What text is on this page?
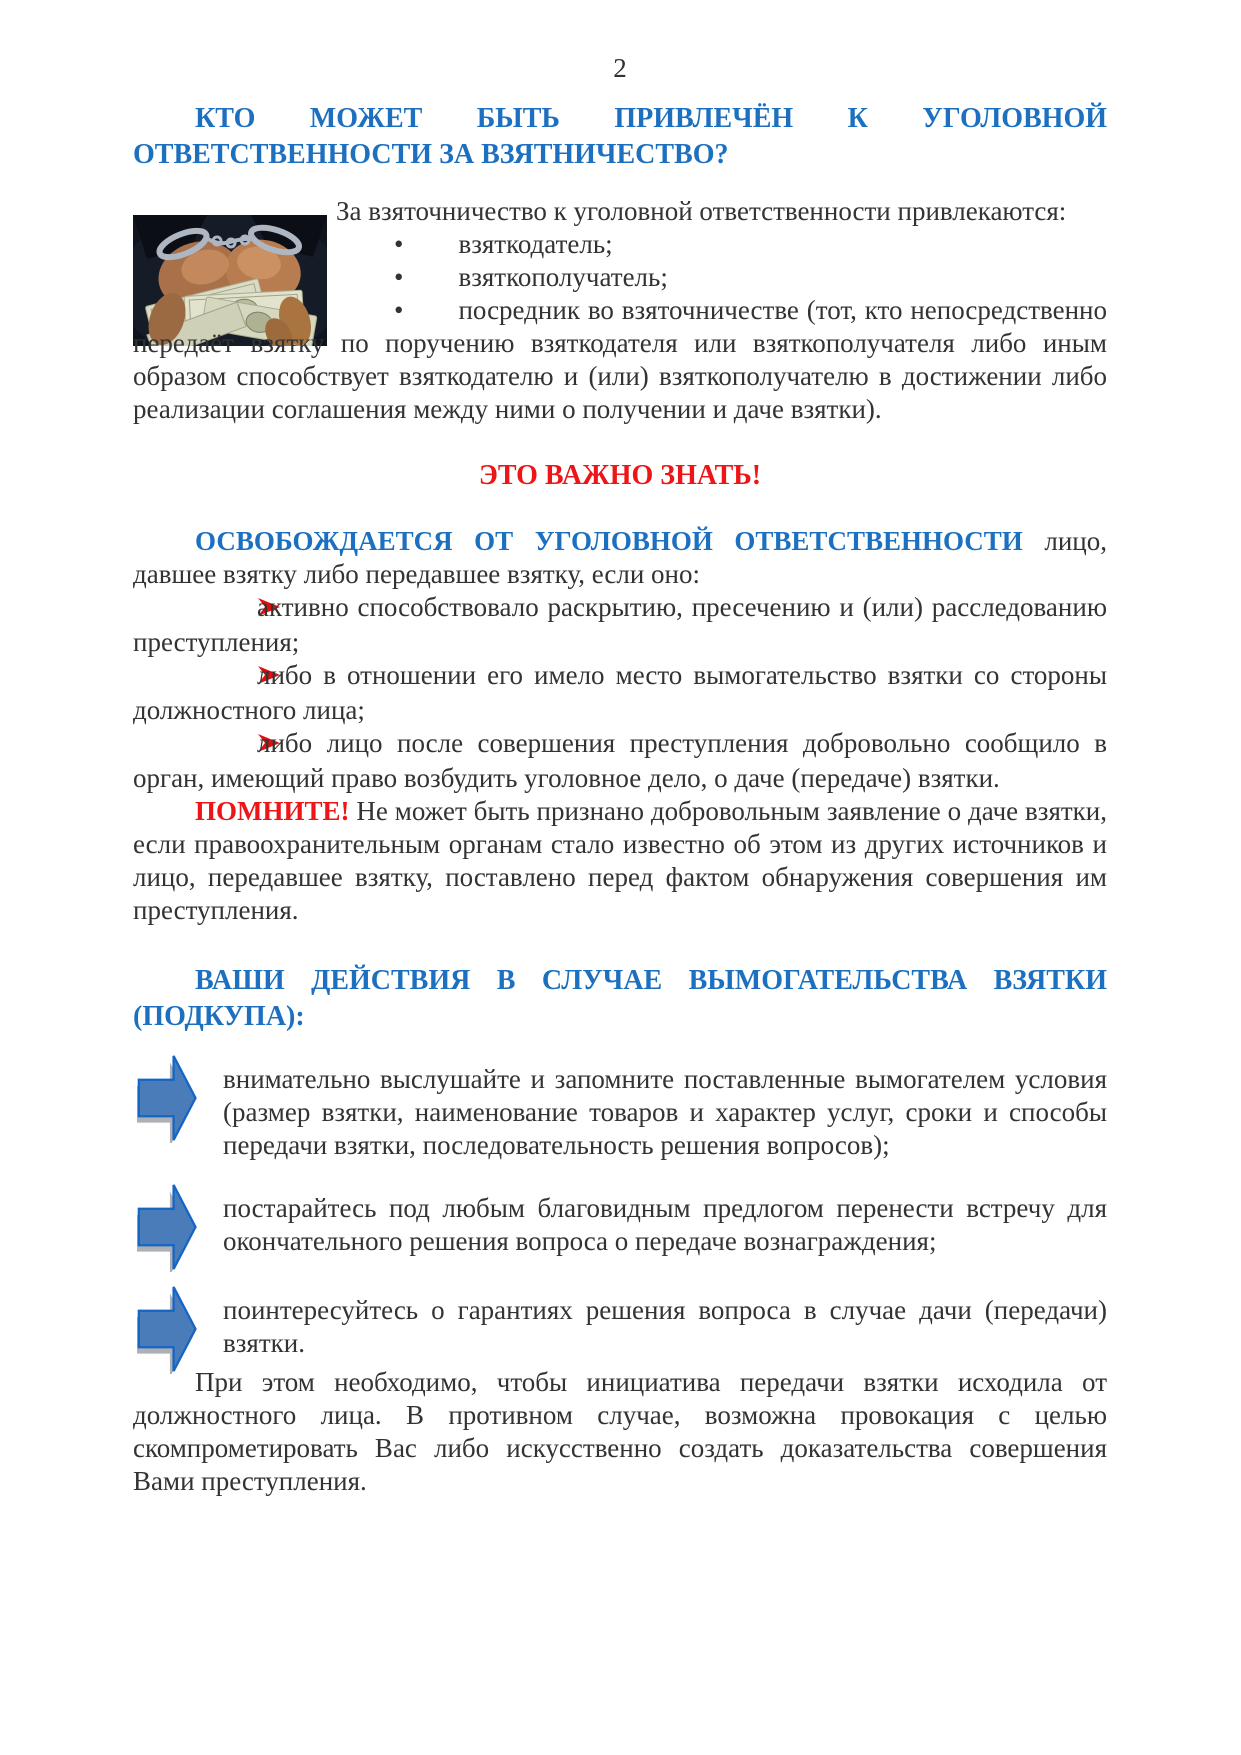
2

КТО МОЖЕТ БЫТЬ ПРИВЛЕЧЁН К УГОЛОВНОЙ ОТВЕТСТВЕННОСТИ ЗА ВЗЯТНИЧЕСТВО?

За взяточничество к уголовной ответственности привлекаются:

• взяткодатель;

• взяткополучатель;

• посредник во взяточничестве (тот, кто непосредственно передаёт взятку по поручению взяткодателя или взяткополучателя либо иным образом способствует взяткодателю и (или) взяткополучателю в достижении либо реализации соглашения между ними о получении и даче взятки).

ЭТО ВАЖНО ЗНАТЬ!

ОСВОБОЖДАЕТСЯ ОТ УГОЛОВНОЙ ОТВЕТСТВЕННОСТИ лицо, давшее взятку либо передавшее взятку, если оно:

активно способствовало раскрытию, пресечению и (или) расследованию преступления;

либо в отношении его имело место вымогательство взятки со стороны должностного лица;

либо лицо после совершения преступления добровольно сообщило в орган, имеющий право возбудить уголовное дело, о даче (передаче) взятки.

ПОМНИТЕ! Не может быть признано добровольным заявление о даче взятки, если правоохранительным органам стало известно об этом из других источников и лицо, передавшее взятку, поставлено перед фактом обнаружения совершения им преступления.

ВАШИ ДЕЙСТВИЯ В СЛУЧАЕ ВЫМОГАТЕЛЬСТВА ВЗЯТКИ (ПОДКУПА):

внимательно выслушайте и запомните поставленные вымогателем условия (размер взятки, наименование товаров и характер услуг, сроки и способы передачи взятки, последовательность решения вопросов);

постарайтесь под любым благовидным предлогом перенести встречу для окончательного решения вопроса о передаче вознаграждения;

поинтересуйтесь о гарантиях решения вопроса в случае дачи (передачи) взятки.

При этом необходимо, чтобы инициатива передачи взятки исходила от должностного лица. В противном случае, возможна провокация с целью скомпрометировать Вас либо искусственно создать доказательства совершения Вами преступления.
